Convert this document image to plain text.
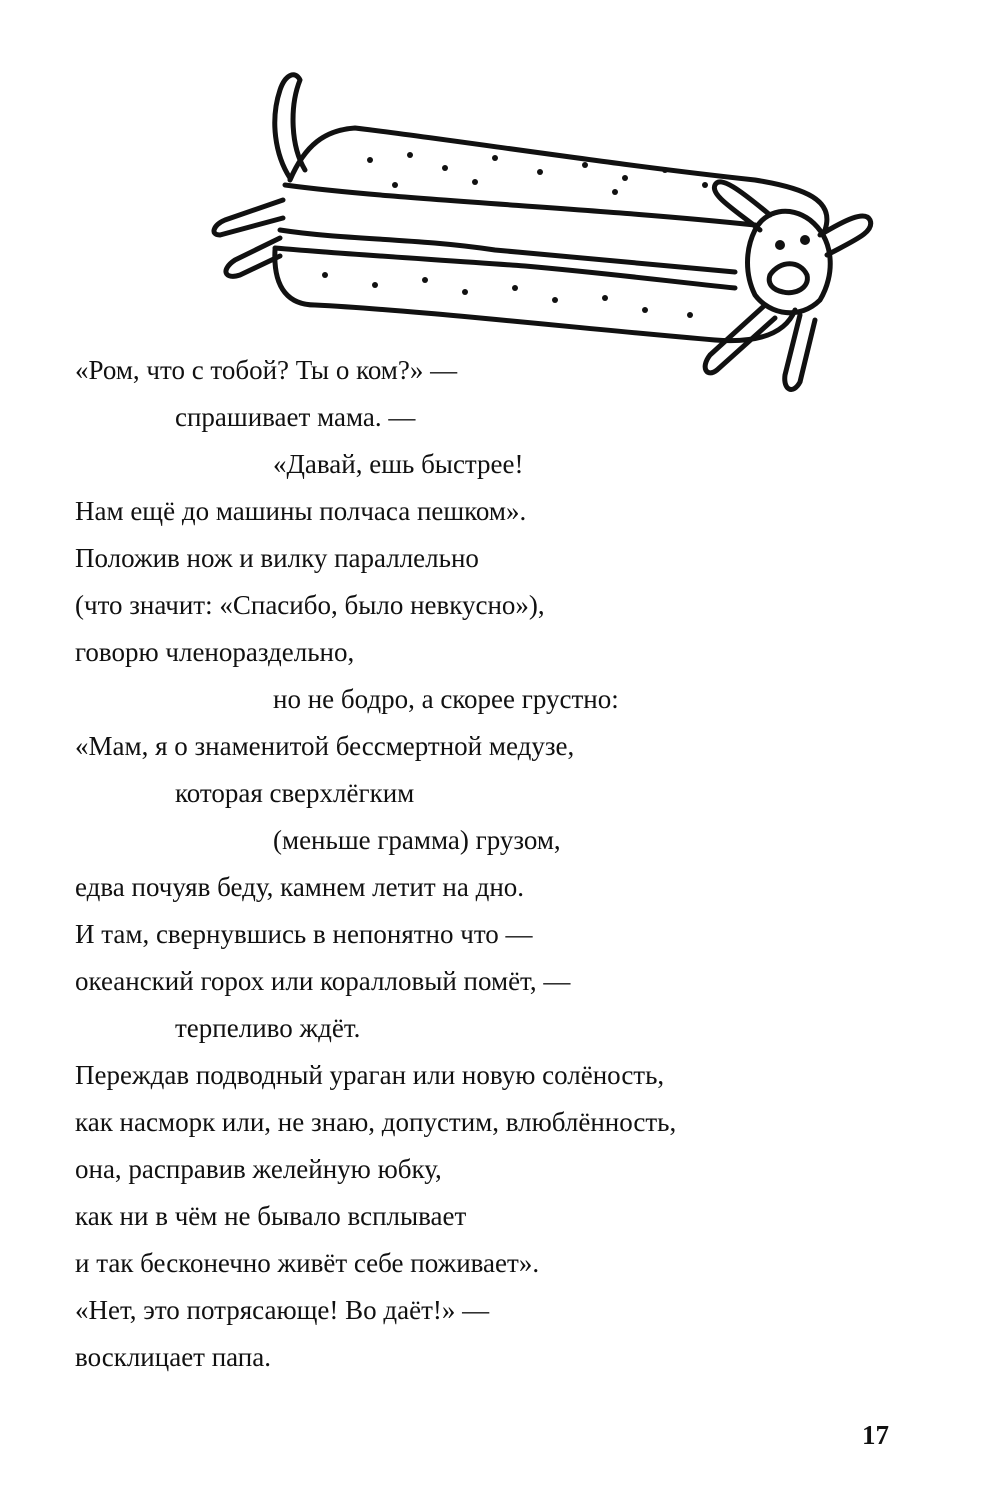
«Ром, что с тобой? Ты о ком?» —
спрашивает мама. —
«Давай, ешь быстрее!
Нам ещё до машины полчаса пешком».
Положив нож и вилку параллельно
(что значит: «Спасибо, было невкусно»),
говорю членораздельно,
но не бодро, а скорее грустно:
«Мам, я о знаменитой бессмертной медузе,
которая сверхлёгким
(меньше грамма) грузом,
едва почуяв беду, камнем летит на дно.
И там, свернувшись в непонятно что —
океанский горох или коралловый помёт, —
терпеливо ждёт.
Переждав подводный ураган или новую солёность,
как насморк или, не знаю, допустим, влюблённость,
она, расправив желейную юбку,
как ни в чём не бывало всплывает
и так бесконечно живёт себе поживает».
«Нет, это потрясающе! Во даёт!» —
восклицает папа.
17
